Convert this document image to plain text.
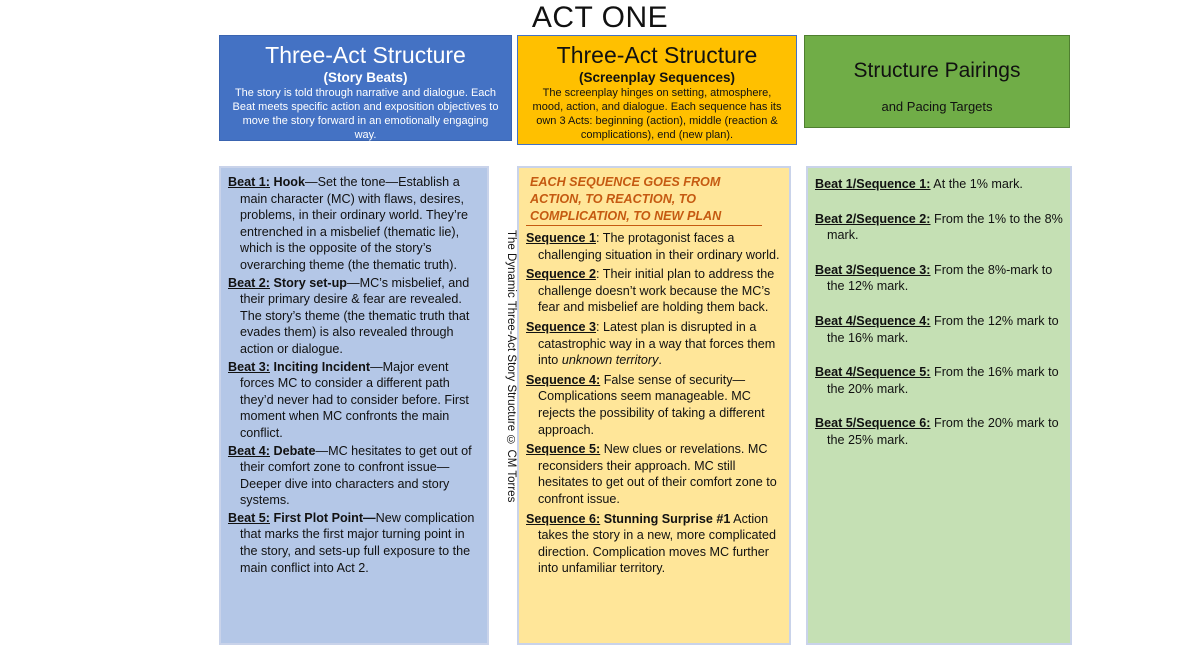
ACT ONE
Three-Act Structure
(Story Beats)
The story is told through narrative and dialogue. Each Beat meets specific action and exposition objectives to move the story forward in an emotionally engaging way.
Three-Act Structure
(Screenplay Sequences)
The screenplay hinges on setting, atmosphere, mood, action, and dialogue. Each sequence has its own 3 Acts: beginning (action), middle (reaction & complications), end (new plan).
Structure Pairings
and Pacing Targets
Beat 1: Hook—Set the tone—Establish a main character (MC) with flaws, desires, problems, in their ordinary world. They’re entrenched in a misbelief (thematic lie), which is the opposite of the story’s overarching theme (the thematic truth).
Beat 2: Story set-up—MC’s misbelief, and their primary desire & fear are revealed. The story’s theme (the thematic truth that evades them) is also revealed through action or dialogue.
Beat 3: Inciting Incident—Major event forces MC to consider a different path they’d never had to consider before. First moment when MC confronts the main conflict.
Beat 4: Debate—MC hesitates to get out of their comfort zone to confront issue—Deeper dive into characters and story systems.
Beat 5: First Plot Point—New complication that marks the first major turning point in the story, and sets-up full exposure to the main conflict into Act 2.
The Dynamic Three-Act Story Structure © CM Torres
EACH SEQUENCE GOES FROM ACTION, TO REACTION, TO COMPLICATION, TO NEW PLAN
Sequence 1: The protagonist faces a challenging situation in their ordinary world.
Sequence 2: Their initial plan to address the challenge doesn’t work because the MC’s fear and misbelief are holding them back.
Sequence 3: Latest plan is disrupted in a catastrophic way in a way that forces them into unknown territory.
Sequence 4: False sense of security—Complications seem manageable. MC rejects the possibility of taking a different approach.
Sequence 5: New clues or revelations. MC reconsiders their approach. MC still hesitates to get out of their comfort zone to confront issue.
Sequence 6: Stunning Surprise #1 Action takes the story in a new, more complicated direction. Complication moves MC further into unfamiliar territory.
Beat 1/Sequence 1: At the 1% mark.
Beat 2/Sequence 2: From the 1% to the 8% mark.
Beat 3/Sequence 3: From the 8%-mark to the 12% mark.
Beat 4/Sequence 4: From the 12% mark to the 16% mark.
Beat 4/Sequence 5: From the 16% mark to the 20% mark.
Beat 5/Sequence 6: From the 20% mark to the 25% mark.
